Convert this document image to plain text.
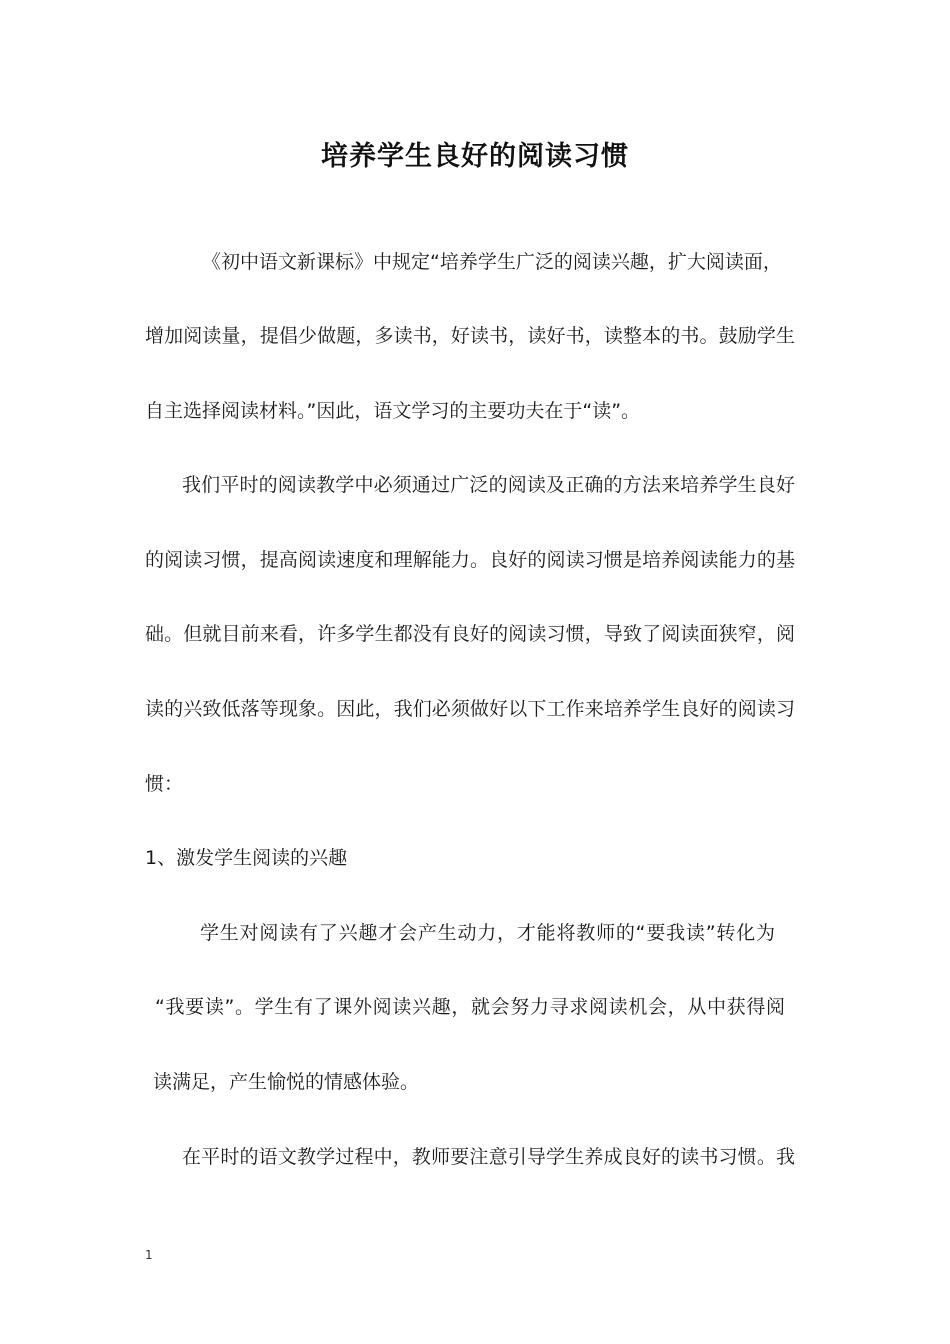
培养学生良好的阅读习惯

《初中语文新课标》中规定“培养学生广泛的阅读兴趣，扩大阅读面，

增加阅读量，提倡少做题，多读书，好读书，读好书，读整本的书。鼓励学生

自主选择阅读材料。”因此，语文学习的主要功夫在于“读”。

我们平时的阅读教学中必须通过广泛的阅读及正确的方法来培养学生良好

的阅读习惯，提高阅读速度和理解能力。良好的阅读习惯是培养阅读能力的基

础。但就目前来看，许多学生都没有良好的阅读习惯，导致了阅读面狭窄，阅

读的兴致低落等现象。因此，我们必须做好以下工作来培养学生良好的阅读习

惯：

1、激发学生阅读的兴趣

学生对阅读有了兴趣才会产生动力，才能将教师的“要我读”转化为

“我要读”。学生有了课外阅读兴趣，就会努力寻求阅读机会，从中获得阅

读满足，产生愉悦的情感体验。

在平时的语文教学过程中，教师要注意引导学生养成良好的读书习惯。我

1
